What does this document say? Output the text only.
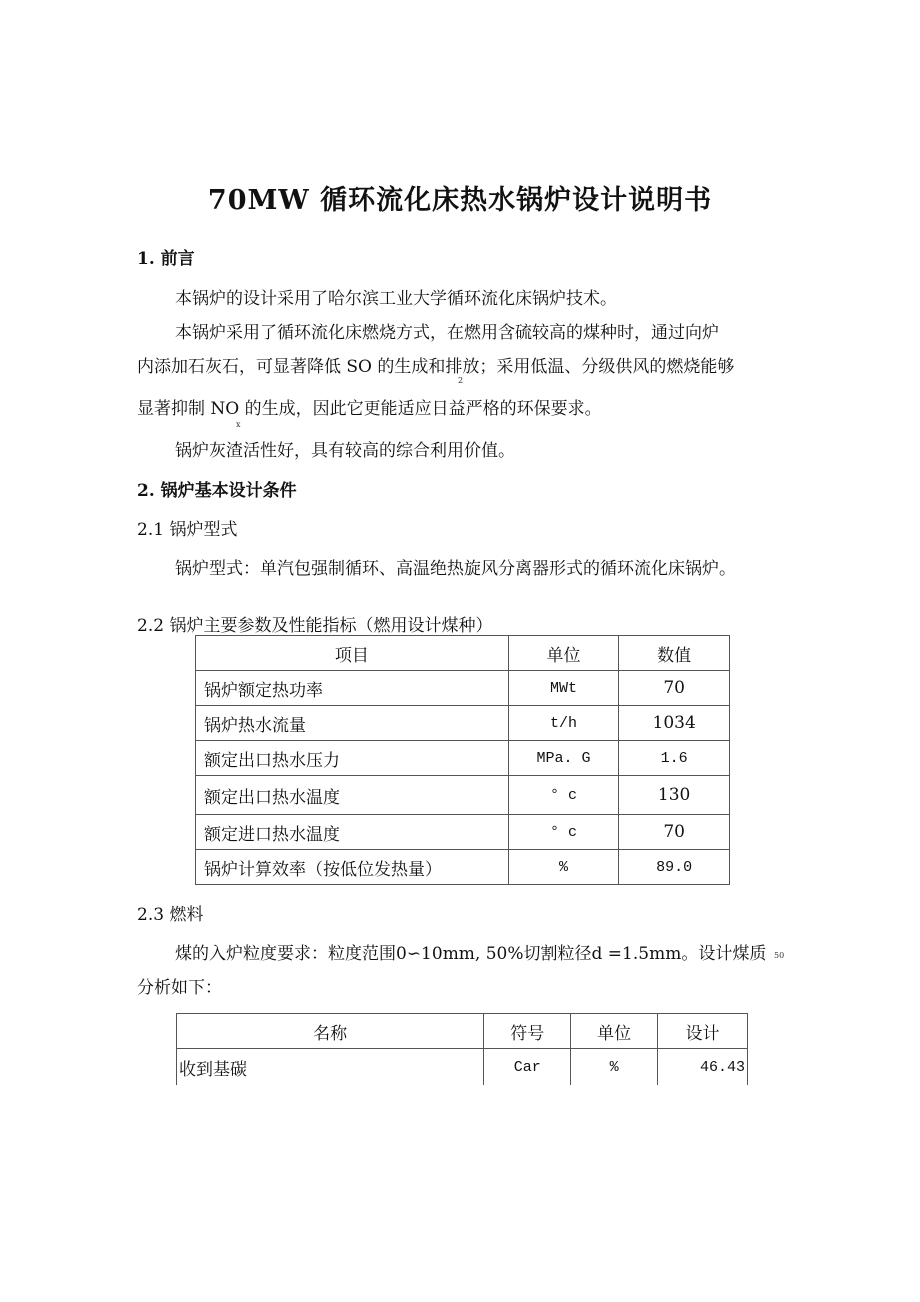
70MW 循环流化床热水锅炉设计说明书
1. 前言
本锅炉的设计采用了哈尔滨工业大学循环流化床锅炉技术。
本锅炉采用了循环流化床燃烧方式，在燃用含硫较高的煤种时，通过向炉
内添加石灰石，可显著降低 SO 的生成和排放；采用低温、分级供风的燃烧能够
2
显著抑制 NO 的生成，因此它更能适应日益严格的环保要求。
x
锅炉灰渣活性好，具有较高的综合利用价值。
2. 锅炉基本设计条件
2.1 锅炉型式
锅炉型式：单汽包强制循环、高温绝热旋风分离器形式的循环流化床锅炉。
2.2 锅炉主要参数及性能指标（燃用设计煤种）
项目	单位	数值
锅炉额定热功率	MWt	70
锅炉热水流量	t/h	1034
额定出口热水压力	MPa. G	1.6
额定出口热水温度	° c	130
额定进口热水温度	° c	70
锅炉计算效率（按低位发热量）	%	89.0
2.3 燃料
煤的入炉粒度要求：粒度范围0∽10mm, 50%切割粒径d =1.5mm。设计煤质 50
分析如下：
名称	符号	单位	设计
收到基碳	Car	%	46.43
